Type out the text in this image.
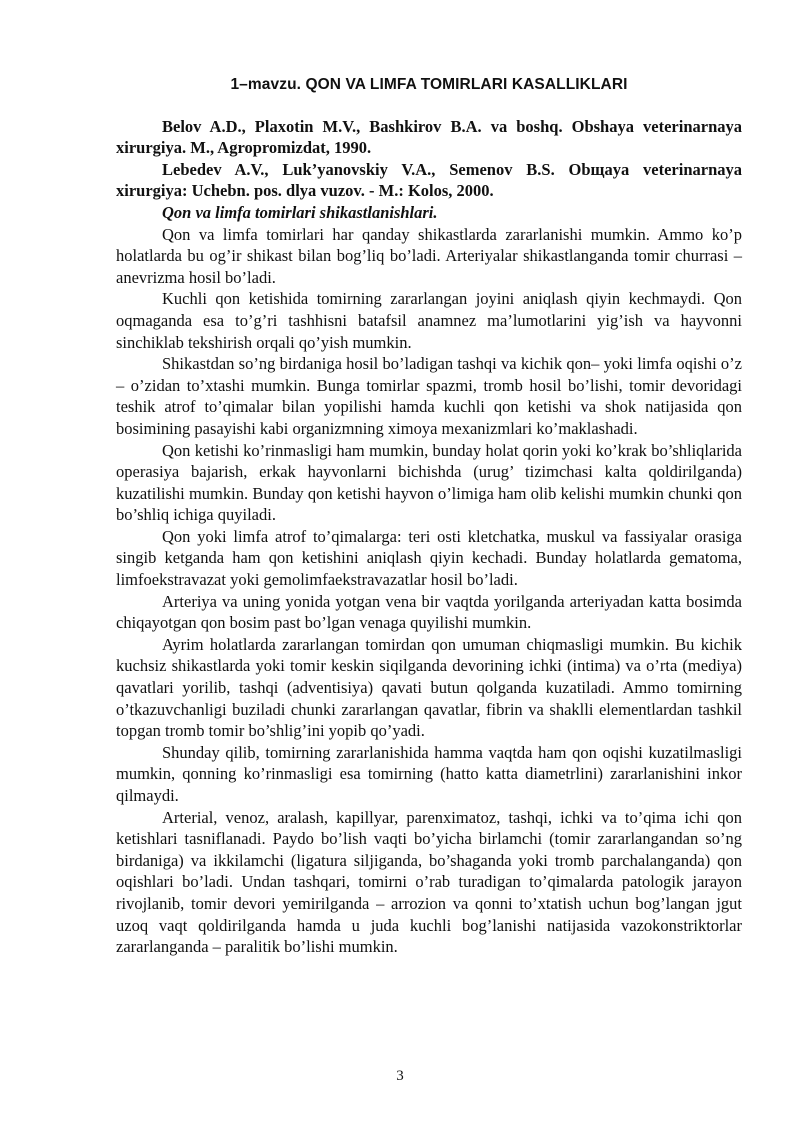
1–mavzu. QON VA LIMFA TOMIRLARI KASALLIKLARI

Belov A.D., Plaxotin M.V., Bashkirov B.A. va boshq. Obshaya veterinarnaya xirurgiya. M., Agropromizdat, 1990.

Lebedev A.V., Luk’yanovskiy V.A., Semenov B.S. Obщaya veterinarnaya xirurgiya: Uchebn. pos. dlya vuzov. - M.: Kolos, 2000.

Qon va limfa tomirlari shikastlanishlari.

Qon va limfa tomirlari har qanday shikastlarda zararlanishi mumkin. Ammo ko’p holatlarda bu og’ir shikast bilan bog’liq bo’ladi. Arteriyalar shikastlanganda tomir churrasi – anevrizma hosil bo’ladi.

Kuchli qon ketishida tomirning zararlangan joyini aniqlash qiyin kechmaydi. Qon oqmaganda esa to’g’ri tashhisni batafsil anamnez ma’lumotlarini yig’ish va hayvonni sinchiklab tekshirish orqali qo’yish mumkin.

Shikastdan so’ng birdaniga hosil bo’ladigan tashqi va kichik qon– yoki limfa oqishi o’z – o’zidan to’xtashi mumkin. Bunga tomirlar spazmi, tromb hosil bo’lishi, tomir devoridagi teshik atrof to’qimalar bilan yopilishi hamda kuchli qon ketishi va shok natijasida qon bosimining pasayishi kabi organizmning ximoya mexanizmlari ko’maklashadi.

Qon ketishi ko’rinmasligi ham mumkin, bunday holat qorin yoki ko’krak bo’shliqlarida operasiya bajarish, erkak hayvonlarni bichishda (urug’ tizimchasi kalta qoldirilganda) kuzatilishi mumkin. Bunday qon ketishi hayvon o’limiga ham olib kelishi mumkin chunki qon bo’shliq ichiga quyiladi.

Qon yoki limfa atrof to’qimalarga: teri osti kletchatka, muskul va fassiyalar orasiga singib ketganda ham qon ketishini aniqlash qiyin kechadi. Bunday holatlarda gematoma, limfoekstravazat yoki gemolimfaekstravazatlar hosil bo’ladi.

Arteriya va uning yonida yotgan vena bir vaqtda yorilganda arteriyadan katta bosimda chiqayotgan qon bosim past bo’lgan venaga quyilishi mumkin.

Ayrim holatlarda zararlangan tomirdan qon umuman chiqmasligi mumkin. Bu kichik kuchsiz shikastlarda yoki tomir keskin siqilganda devorining ichki (intima) va o’rta (mediya) qavatlari yorilib, tashqi (adventisiya) qavati butun qolganda kuzatiladi. Ammo tomirning o’tkazuvchanligi buziladi chunki zararlangan qavatlar, fibrin va shaklli elementlardan tashkil topgan tromb tomir bo’shlig’ini yopib qo’yadi.

Shunday qilib, tomirning zararlanishida hamma vaqtda ham qon oqishi kuzatilmasligi mumkin, qonning ko’rinmasligi esa tomirning (hatto katta diametrlini) zararlanishini inkor qilmaydi.

Arterial, venoz, aralash, kapillyar, parenximatoz, tashqi, ichki va to’qima ichi qon ketishlari tasniflanadi. Paydo bo’lish vaqti bo’yicha birlamchi (tomir zararlangandan so’ng birdaniga) va ikkilamchi (ligatura siljiganda, bo’shaganda yoki tromb parchalanganda) qon oqishlari bo’ladi. Undan tashqari, tomirni o’rab turadigan to’qimalarda patologik jarayon rivojlanib, tomir devori yemirilganda – arrozion va qonni to’xtatish uchun bog’langan jgut uzoq vaqt qoldirilganda hamda u juda kuchli bog’lanishi natijasida vazokonstriktorlar zararlanganda – paralitik bo’lishi mumkin.

3
